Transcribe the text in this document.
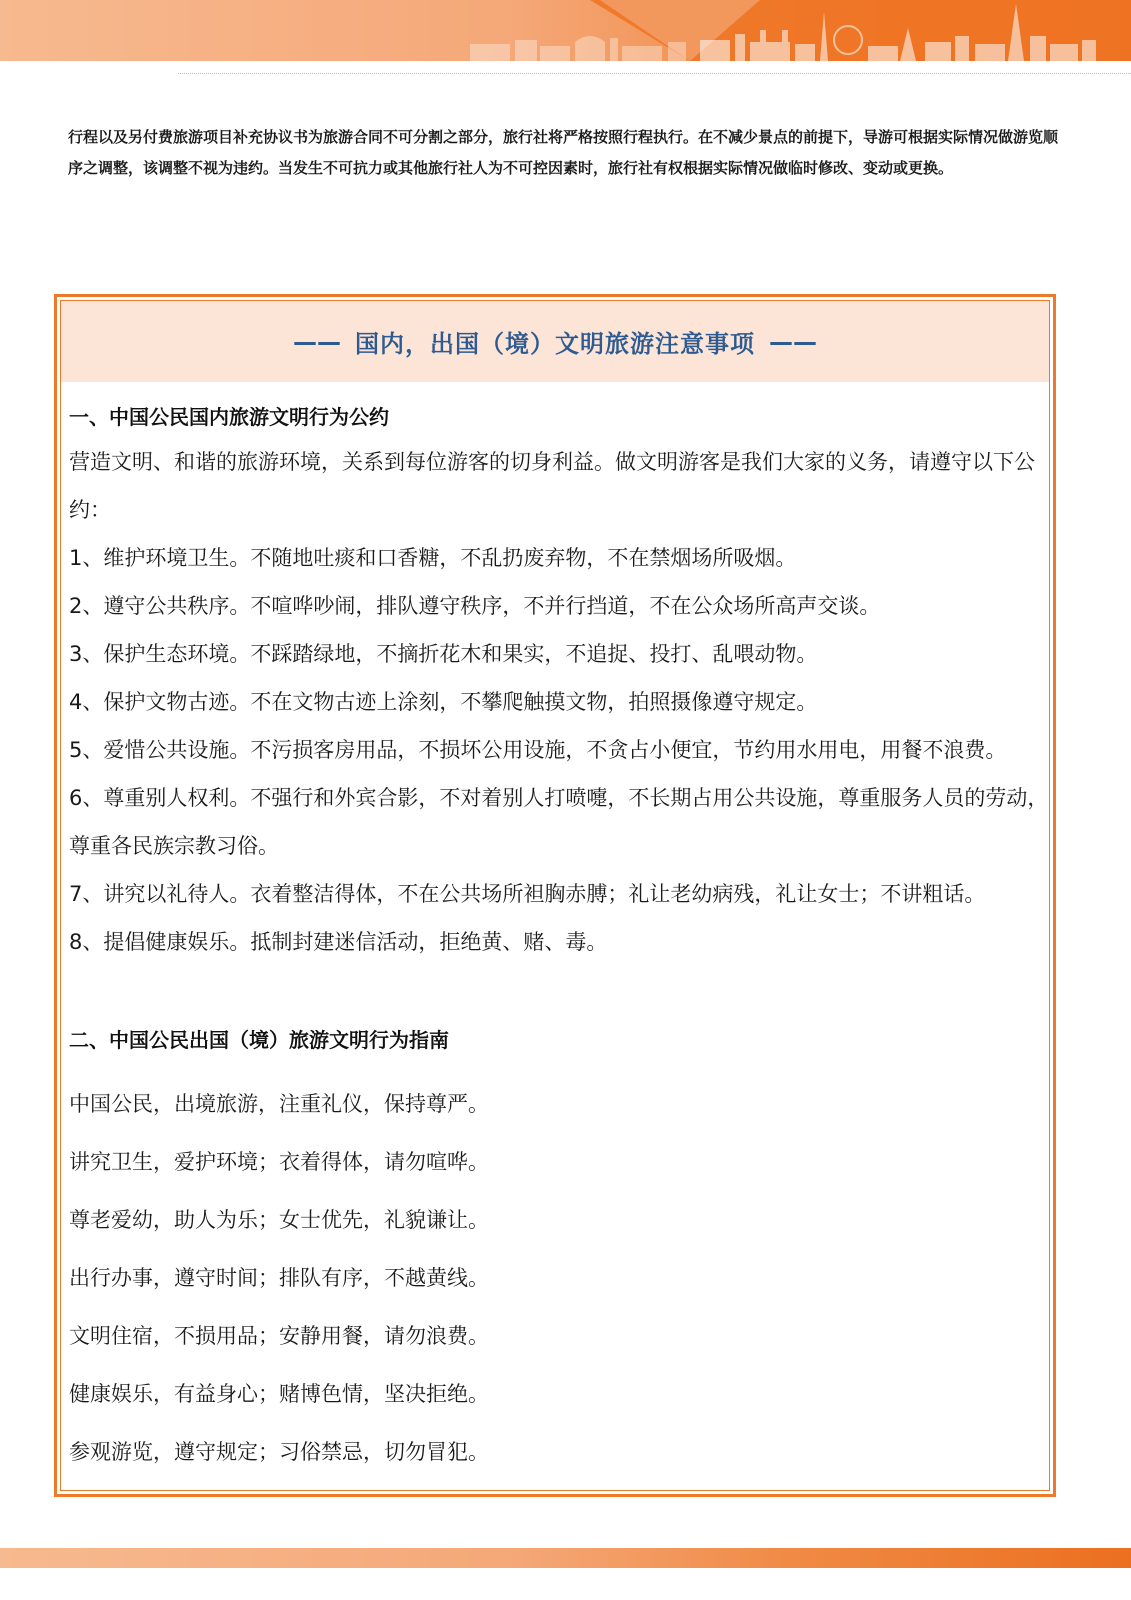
行程以及另付费旅游项目补充协议书为旅游合同不可分割之部分，旅行社将严格按照行程执行。在不减少景点的前提下，导游可根据实际情况做游览顺序之调整，该调整不视为违约。当发生不可抗力或其他旅行社人为不可控因素时，旅行社有权根据实际情况做临时修改、变动或更换。

—— 国内，出国（境）文明旅游注意事项 ——

一、中国公民国内旅游文明行为公约

营造文明、和谐的旅游环境，关系到每位游客的切身利益。做文明游客是我们大家的义务，请遵守以下公约：

1、维护环境卫生。不随地吐痰和口香糖，不乱扔废弃物，不在禁烟场所吸烟。

2、遵守公共秩序。不喧哗吵闹，排队遵守秩序，不并行挡道，不在公众场所高声交谈。

3、保护生态环境。不踩踏绿地，不摘折花木和果实，不追捉、投打、乱喂动物。

4、保护文物古迹。不在文物古迹上涂刻，不攀爬触摸文物，拍照摄像遵守规定。

5、爱惜公共设施。不污损客房用品，不损坏公用设施，不贪占小便宜，节约用水用电，用餐不浪费。

6、尊重别人权利。不强行和外宾合影，不对着别人打喷嚏，不长期占用公共设施，尊重服务人员的劳动，尊重各民族宗教习俗。

7、讲究以礼待人。衣着整洁得体，不在公共场所袒胸赤膊；礼让老幼病残，礼让女士；不讲粗话。

8、提倡健康娱乐。抵制封建迷信活动，拒绝黄、赌、毒。

二、中国公民出国（境）旅游文明行为指南

中国公民，出境旅游，注重礼仪，保持尊严。

讲究卫生，爱护环境；衣着得体，请勿喧哗。

尊老爱幼，助人为乐；女士优先，礼貌谦让。

出行办事，遵守时间；排队有序，不越黄线。

文明住宿，不损用品；安静用餐，请勿浪费。

健康娱乐，有益身心；赌博色情，坚决拒绝。

参观游览，遵守规定；习俗禁忌，切勿冒犯。
